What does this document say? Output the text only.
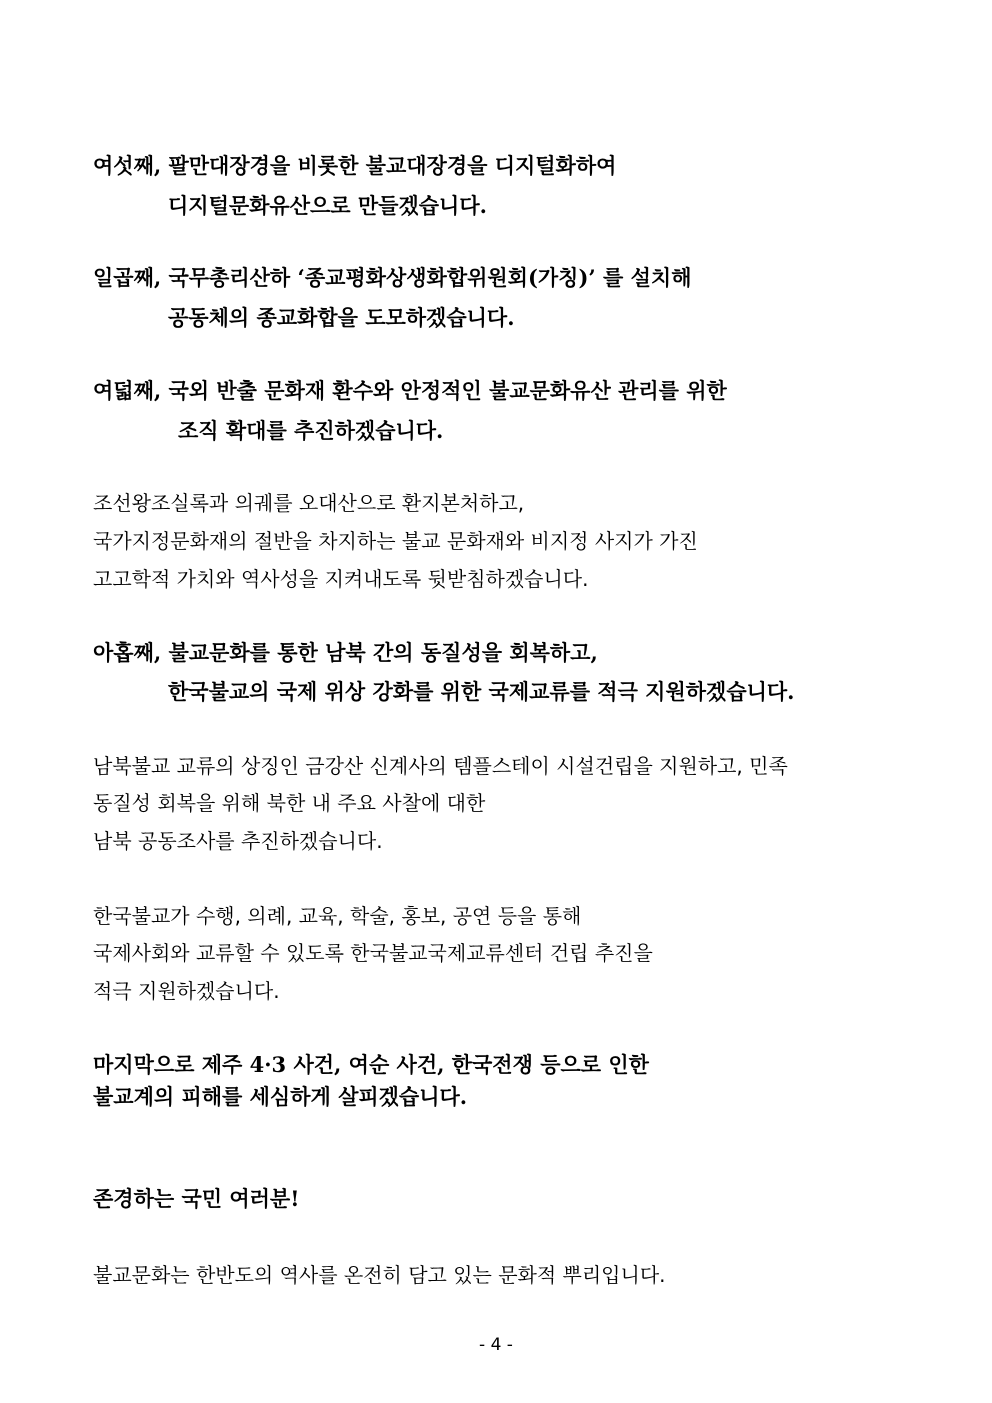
여섯째, 팔만대장경을 비롯한 불교대장경을 디지털화하여
디지털문화유산으로 만들겠습니다.
일곱째, 국무총리산하 ‘종교평화상생화합위원회(가칭)’ 를 설치해
공동체의 종교화합을 도모하겠습니다.
여덟째, 국외 반출 문화재 환수와 안정적인 불교문화유산 관리를 위한
조직 확대를 추진하겠습니다.
조선왕조실록과 의궤를 오대산으로 환지본처하고,
국가지정문화재의 절반을 차지하는 불교 문화재와 비지정 사지가 가진
고고학적 가치와 역사성을 지켜내도록 뒷받침하겠습니다.
아홉째, 불교문화를 통한 남북 간의 동질성을 회복하고,
한국불교의 국제 위상 강화를 위한 국제교류를 적극 지원하겠습니다.
남북불교 교류의 상징인 금강산 신계사의 템플스테이 시설건립을 지원하고, 민족
동질성 회복을 위해 북한 내 주요 사찰에 대한
남북 공동조사를 추진하겠습니다.
한국불교가 수행, 의례, 교육, 학술, 홍보, 공연 등을 통해
국제사회와 교류할 수 있도록 한국불교국제교류센터 건립 추진을
적극 지원하겠습니다.
마지막으로 제주 4·3 사건, 여순 사건, 한국전쟁 등으로 인한
불교계의 피해를 세심하게 살피겠습니다.
존경하는 국민 여러분!
불교문화는 한반도의 역사를 온전히 담고 있는 문화적 뿌리입니다.
- 4 -
